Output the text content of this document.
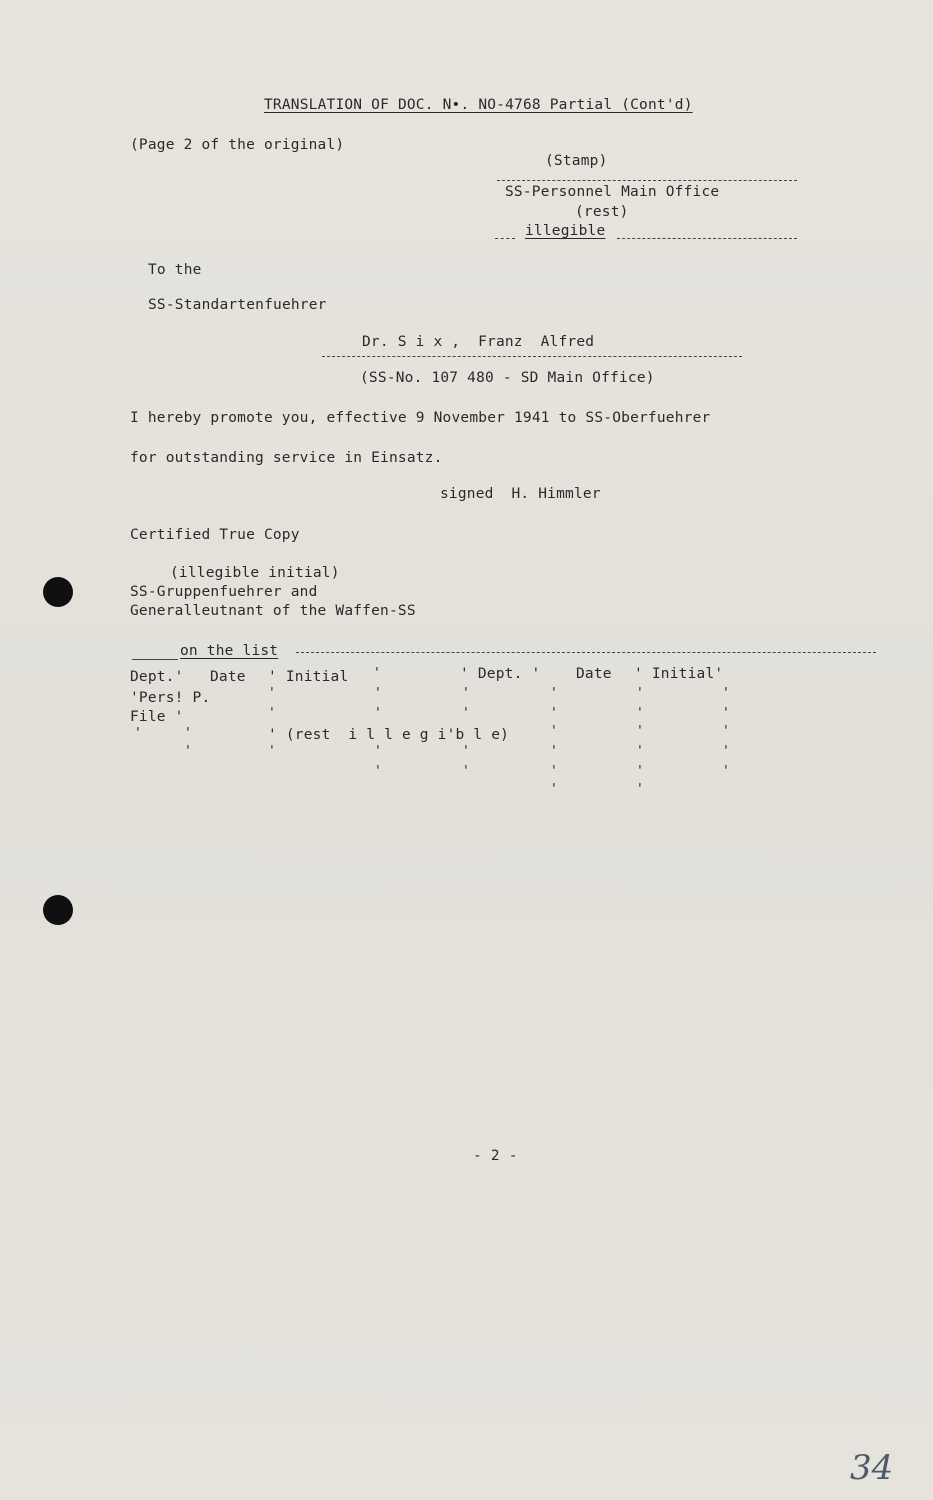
TRANSLATION OF DOC. N•. NO-4768 Partial (Cont'd)
(Page 2 of the original)
(Stamp)
SS-Personnel Main Office
(rest)
illegible
To the
SS-Standartenfuehrer
Dr. S i x ,  Franz  Alfred
(SS-No. 107 480 - SD Main Office)
I hereby promote you, effective 9 November 1941 to SS-Oberfuehrer
for outstanding service in Einsatz.
signed  H. Himmler
Certified True Copy
(illegible initial)
SS-Gruppenfuehrer and
Generalleutnant of the Waffen-SS
on the list
Dept.' Date ' Initial '	' Dept. ' Date ' Initial'
'Pers! P.
File '
' (rest  i l l e g i'b l e)
'	'	'	'	'	'
'	'	'	'	'	'
'	'	'	'	'
'	'	'	'	'	'	'
'	'	'	'	'
'	'
- 2 -
34
